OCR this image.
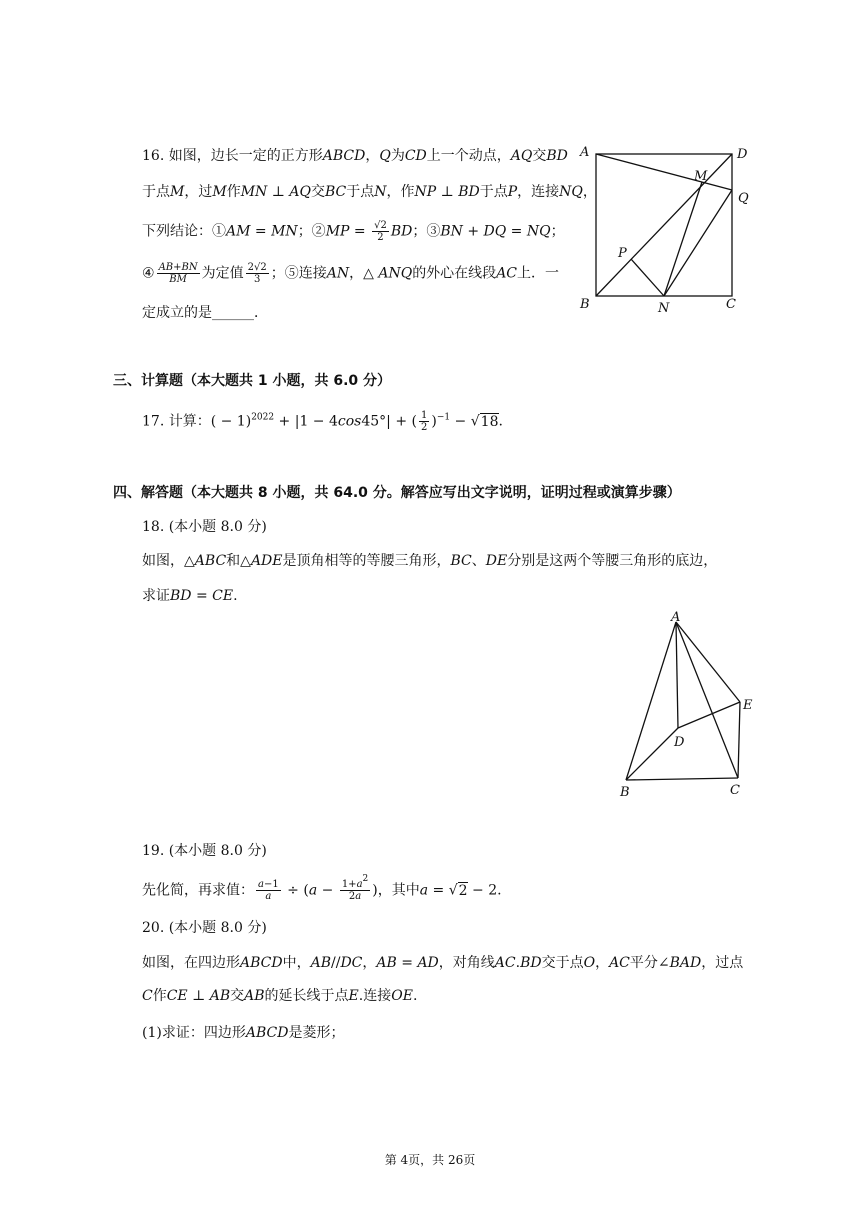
16. 如图，边长一定的正方形ABCD，Q为CD上一个动点，AQ交BD
于点M，过M作MN ⊥ AQ交BC于点N，作NP ⊥ BD于点P，连接NQ，
下列结论：①AM = MN；②MP = $\frac{√2}{2}$ BD；③BN + DQ = NQ；
④ $\frac{AB+BN}{BM}$ 为定值 $\frac{2√2}{3}$ ；⑤连接AN，△ ANQ的外心在线段AC上．一
定成立的是______．
A	D
M
Q
P
B	N	C
三、计算题（本大题共 1 小题，共 6.0 分）
17. 计算：( − 1)$^{2022}$ + |1 − 4cos45°| + ( $\frac{1}{2} )^{-1} - √18$.
四、解答题（本大题共 8 小题，共 64.0 分。解答应写出文字说明，证明过程或演算步骤）
18. (本小题 8.0 分)
如图，△ABC和△ADE是顶角相等的等腰三角形，BC、DE分别是这两个等腰三角形的底边，
求证BD = CE.
A
E
D
B	C
19. (本小题 8.0 分)
先化简，再求值： $\frac{a-1}{a} \div (a - \frac{1+a^2}{2a}$ )，其中a = √2 − 2.
20. (本小题 8.0 分)
如图，在四边形ABCD中，AB//DC，AB = AD，对角线AC.BD交于点O，AC平分∠BAD，过点
C作CE ⊥ AB交AB的延长线于点E.连接OE.
(1)求证：四边形ABCD是菱形；
第 4页，共 26页
